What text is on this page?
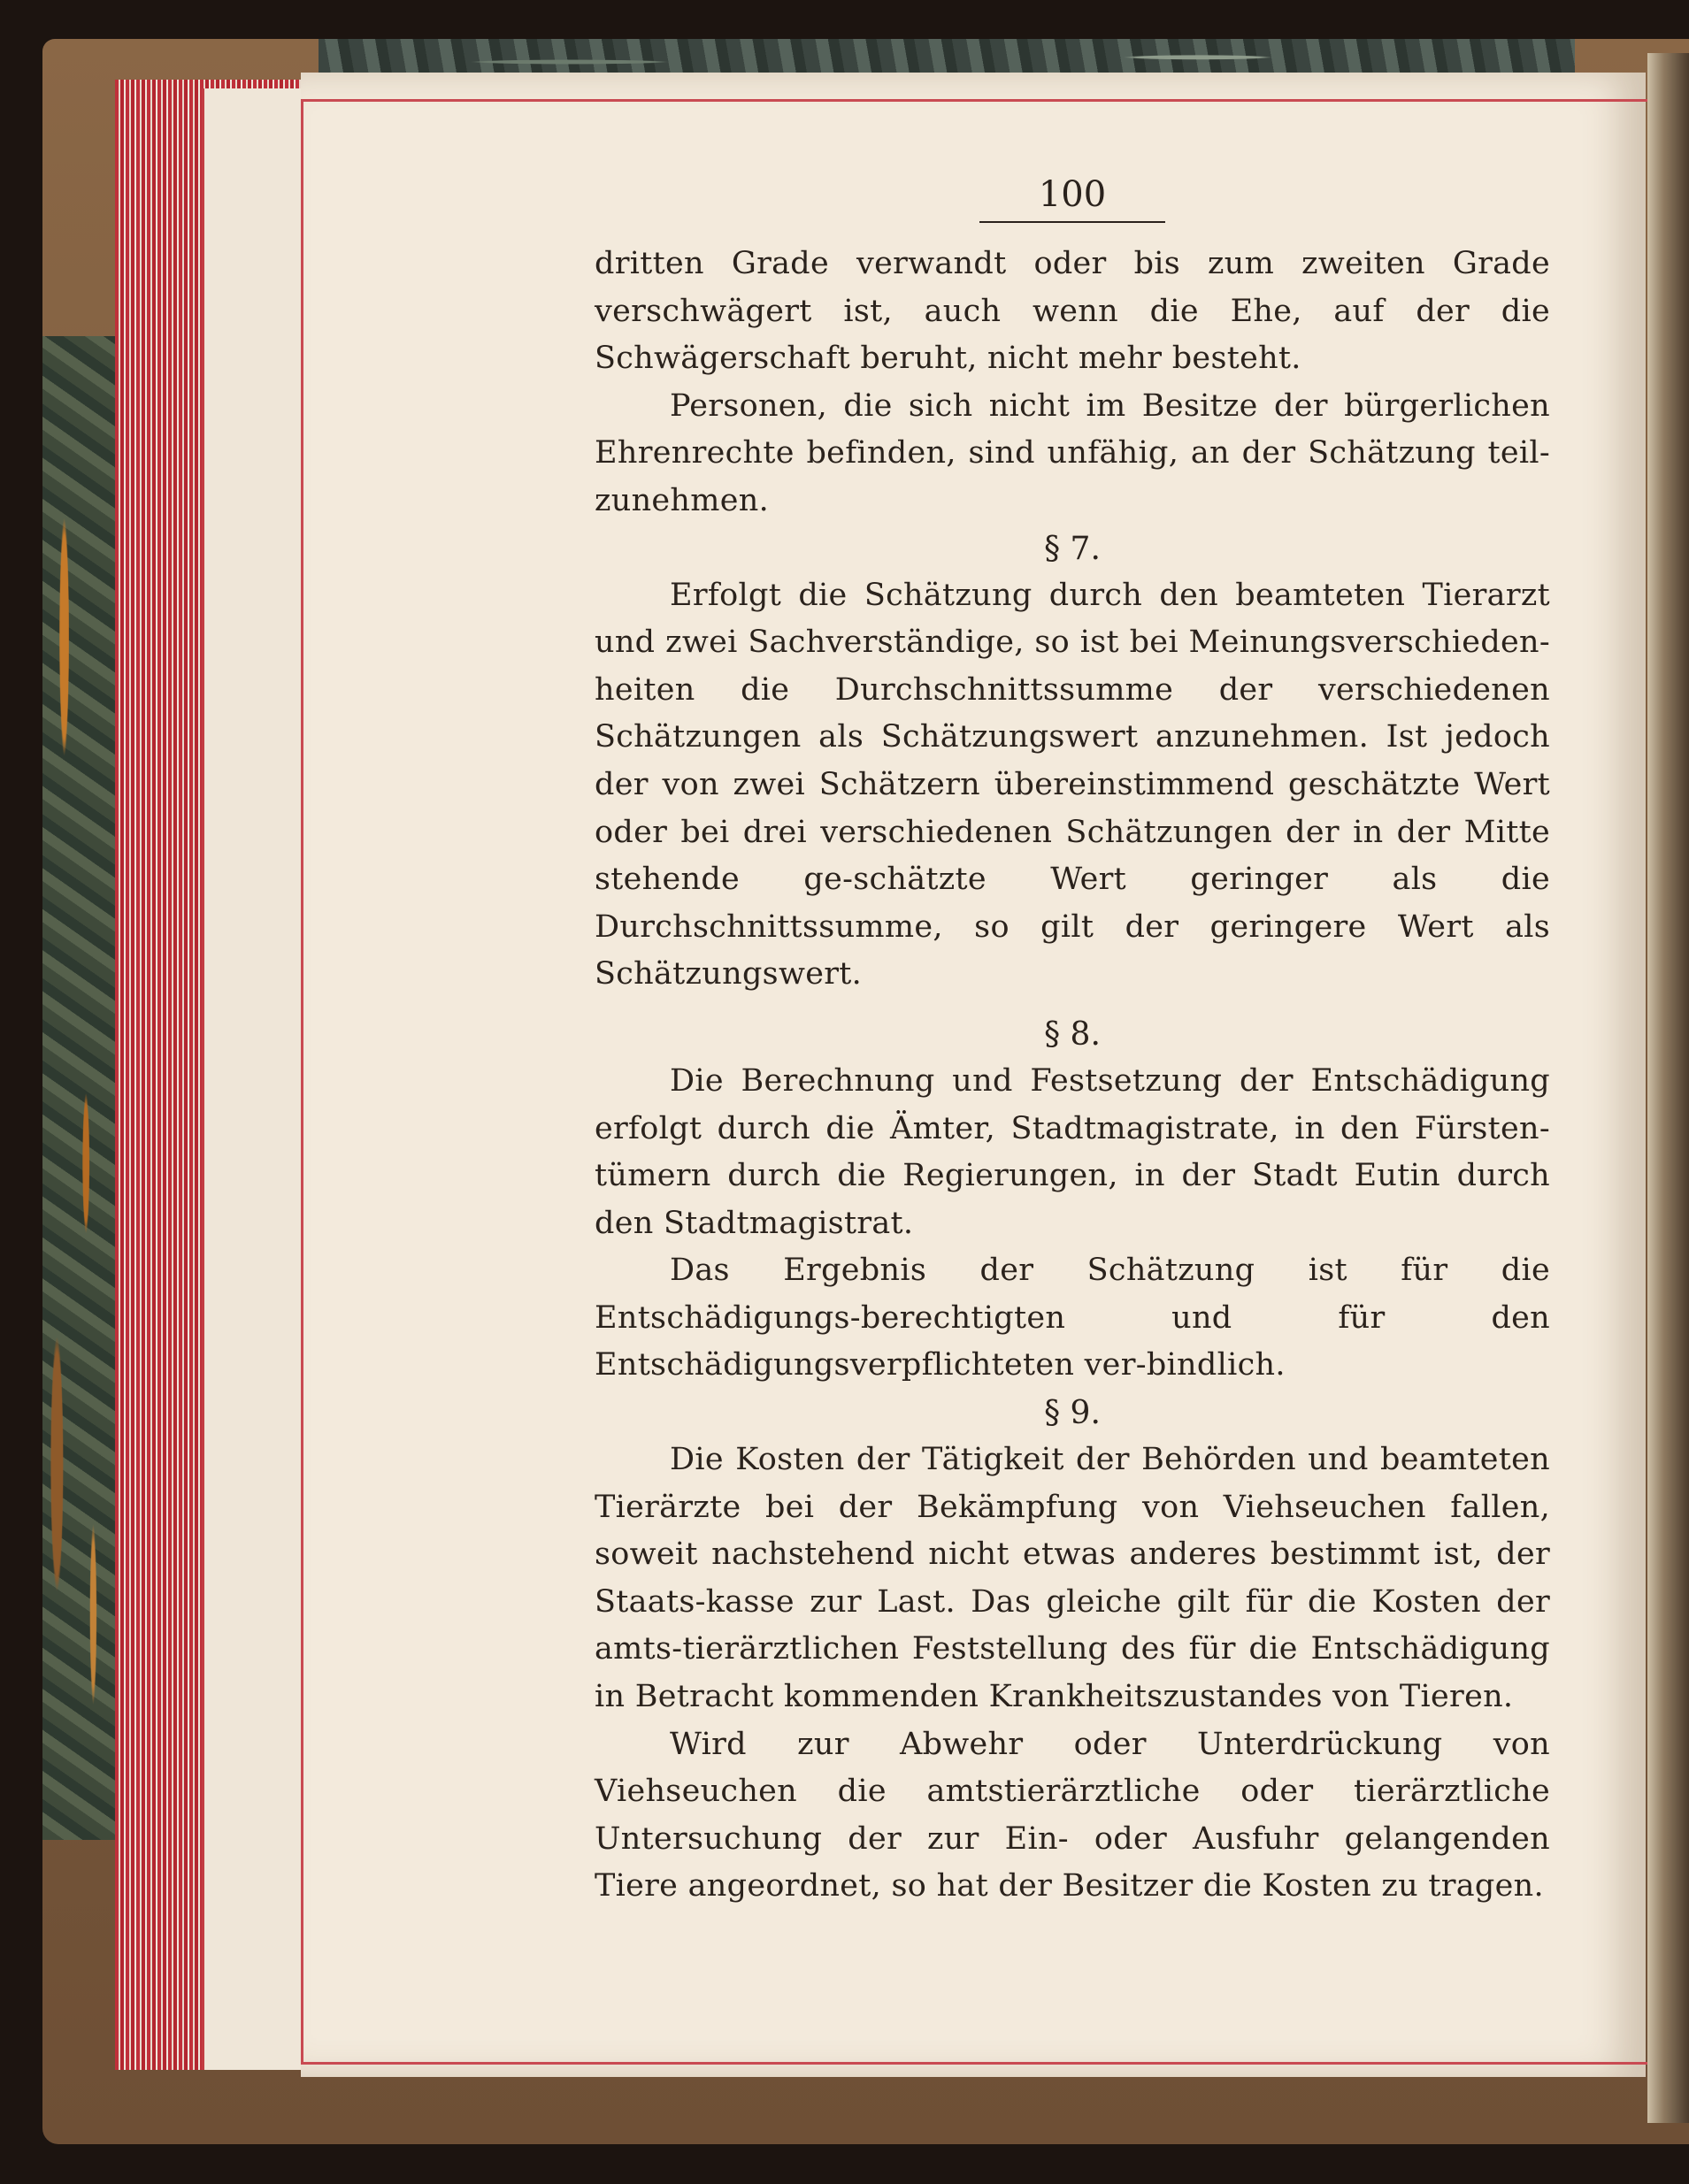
100

dritten Grade verwandt oder bis zum zweiten Grade verschwägert ist, auch wenn die Ehe, auf der die Schwägerschaft beruht, nicht mehr besteht.

Personen, die sich nicht im Besitze der bürgerlichen Ehrenrechte befinden, sind unfähig, an der Schätzung teil-zunehmen.

§ 7.

Erfolgt die Schätzung durch den beamteten Tierarzt und zwei Sachverständige, so ist bei Meinungsverschieden-heiten die Durchschnittssumme der verschiedenen Schätzungen als Schätzungswert anzunehmen. Ist jedoch der von zwei Schätzern übereinstimmend geschätzte Wert oder bei drei verschiedenen Schätzungen der in der Mitte stehende ge-schätzte Wert geringer als die Durchschnittssumme, so gilt der geringere Wert als Schätzungswert.

§ 8.

Die Berechnung und Festsetzung der Entschädigung erfolgt durch die Ämter, Stadtmagistrate, in den Fürsten-tümern durch die Regierungen, in der Stadt Eutin durch den Stadtmagistrat.

Das Ergebnis der Schätzung ist für die Entschädigungs-berechtigten und für den Entschädigungsverpflichteten ver-bindlich.

§ 9.

Die Kosten der Tätigkeit der Behörden und beamteten Tierärzte bei der Bekämpfung von Viehseuchen fallen, soweit nachstehend nicht etwas anderes bestimmt ist, der Staats-kasse zur Last. Das gleiche gilt für die Kosten der amts-tierärztlichen Feststellung des für die Entschädigung in Betracht kommenden Krankheitszustandes von Tieren.

Wird zur Abwehr oder Unterdrückung von Viehseuchen die amtstierärztliche oder tierärztliche Untersuchung der zur Ein- oder Ausfuhr gelangenden Tiere angeordnet, so hat der Besitzer die Kosten zu tragen.
